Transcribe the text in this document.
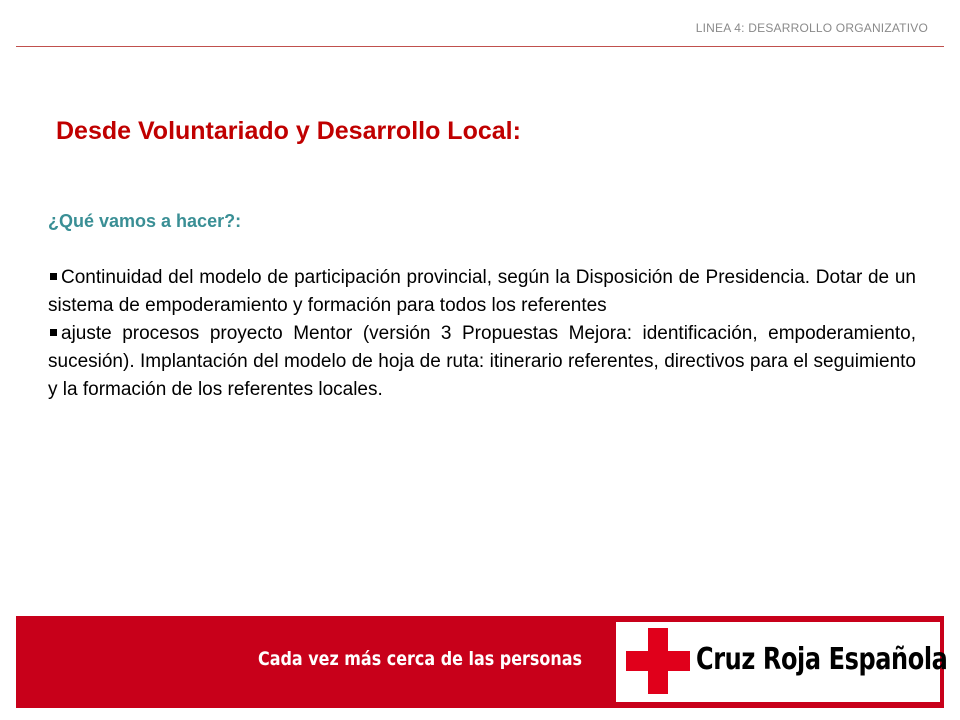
LINEA 4: DESARROLLO ORGANIZATIVO
Desde Voluntariado y Desarrollo Local:
¿Qué vamos a hacer?:
Continuidad del modelo de participación provincial, según la Disposición de Presidencia. Dotar de un sistema de empoderamiento y formación para todos los referentes
ajuste procesos proyecto Mentor (versión 3 Propuestas Mejora: identificación, empoderamiento, sucesión). Implantación del modelo de hoja de ruta: itinerario referentes, directivos para el seguimiento y la formación de los referentes locales.
Cada vez más cerca de las personas	Cruz Roja Española
